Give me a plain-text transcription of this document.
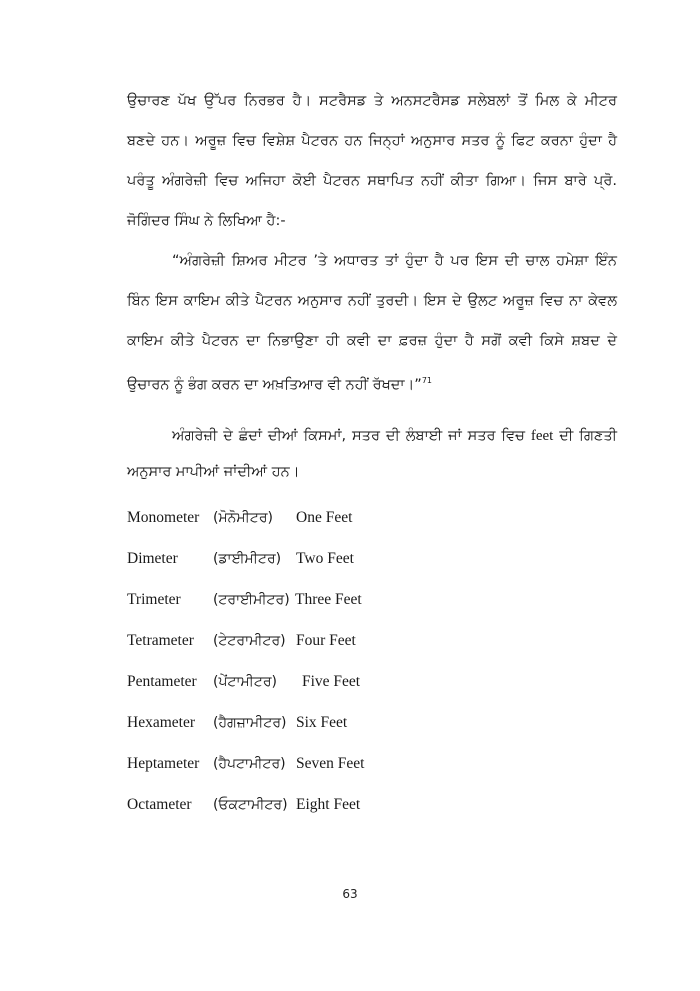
ਉਚਾਰਣ ਪੱਖ ਉੱਪਰ ਨਿਰਭਰ ਹੈ। ਸਟਰੈਸਡ ਤੇ ਅਨਸਟਰੈਸਡ ਸਲੇਬਲਾਂ ਤੋਂ ਮਿਲ ਕੇ ਮੀਟਰ
ਬਣਦੇ ਹਨ। ਅਰੂਜ਼ ਵਿਚ ਵਿਸ਼ੇਸ਼ ਪੈਟਰਨ ਹਨ ਜਿਨ੍ਹਾਂ ਅਨੁਸਾਰ ਸਤਰ ਨੂੰ ਫਿਟ ਕਰਨਾ ਹੁੰਦਾ ਹੈ
ਪਰੰਤੂ ਅੰਗਰੇਜ਼ੀ ਵਿਚ ਅਜਿਹਾ ਕੋਈ ਪੈਟਰਨ ਸਥਾਪਿਤ ਨਹੀਂ ਕੀਤਾ ਗਿਆ। ਜਿਸ ਬਾਰੇ ਪ੍ਰੋ.
ਜੋਗਿੰਦਰ ਸਿੰਘ ਨੇ ਲਿਖਿਆ ਹੈ:-
“ਅੰਗਰੇਜ਼ੀ ਸ਼ਿਅਰ ਮੀਟਰ ’ਤੇ ਅਧਾਰਤ ਤਾਂ ਹੁੰਦਾ ਹੈ ਪਰ ਇਸ ਦੀ ਚਾਲ ਹਮੇਸ਼ਾ ਇੰਨ
ਬਿੰਨ ਇਸ ਕਾਇਮ ਕੀਤੇ ਪੈਟਰਨ ਅਨੁਸਾਰ ਨਹੀਂ ਤੁਰਦੀ। ਇਸ ਦੇ ਉਲਟ ਅਰੂਜ਼ ਵਿਚ ਨਾ ਕੇਵਲ
ਕਾਇਮ ਕੀਤੇ ਪੈਟਰਨ ਦਾ ਨਿਭਾਉਣਾ ਹੀ ਕਵੀ ਦਾ ਫ਼ਰਜ਼ ਹੁੰਦਾ ਹੈ ਸਗੋਂ ਕਵੀ ਕਿਸੇ ਸ਼ਬਦ ਦੇ
ਉਚਾਰਨ ਨੂੰ ਭੰਗ ਕਰਨ ਦਾ ਅਖ਼ਤਿਆਰ ਵੀ ਨਹੀਂ ਰੱਖਦਾ।”$^{71}$
ਅੰਗਰੇਜ਼ੀ ਦੇ ਛੰਦਾਂ ਦੀਆਂ ਕਿਸਮਾਂ, ਸਤਰ ਦੀ ਲੰਬਾਈ ਜਾਂ ਸਤਰ ਵਿਚ feet ਦੀ ਗਿਣਤੀ
ਅਨੁਸਾਰ ਮਾਪੀਆਂ ਜਾਂਦੀਆਂ ਹਨ।
Monometer (ਮੋਨੋਮੀਟਰ) One Feet
Dimeter	(ਡਾਈਮੀਟਰ) Two Feet
Trimeter (ਟਰਾਈਮੀਟਰ) Three Feet
Tetrameter (ਟੇਟਰਾਮੀਟਰ) Four Feet
Pentameter (ਪੇਂਟਾਮੀਟਰ) Five Feet
Hexameter (ਹੈਗਜ਼ਾਮੀਟਰ) Six Feet
Heptameter (ਹੈਪਟਾਮੀਟਰ) Seven Feet
Octameter (ਓਕਟਾਮੀਟਰ) Eight Feet
63
